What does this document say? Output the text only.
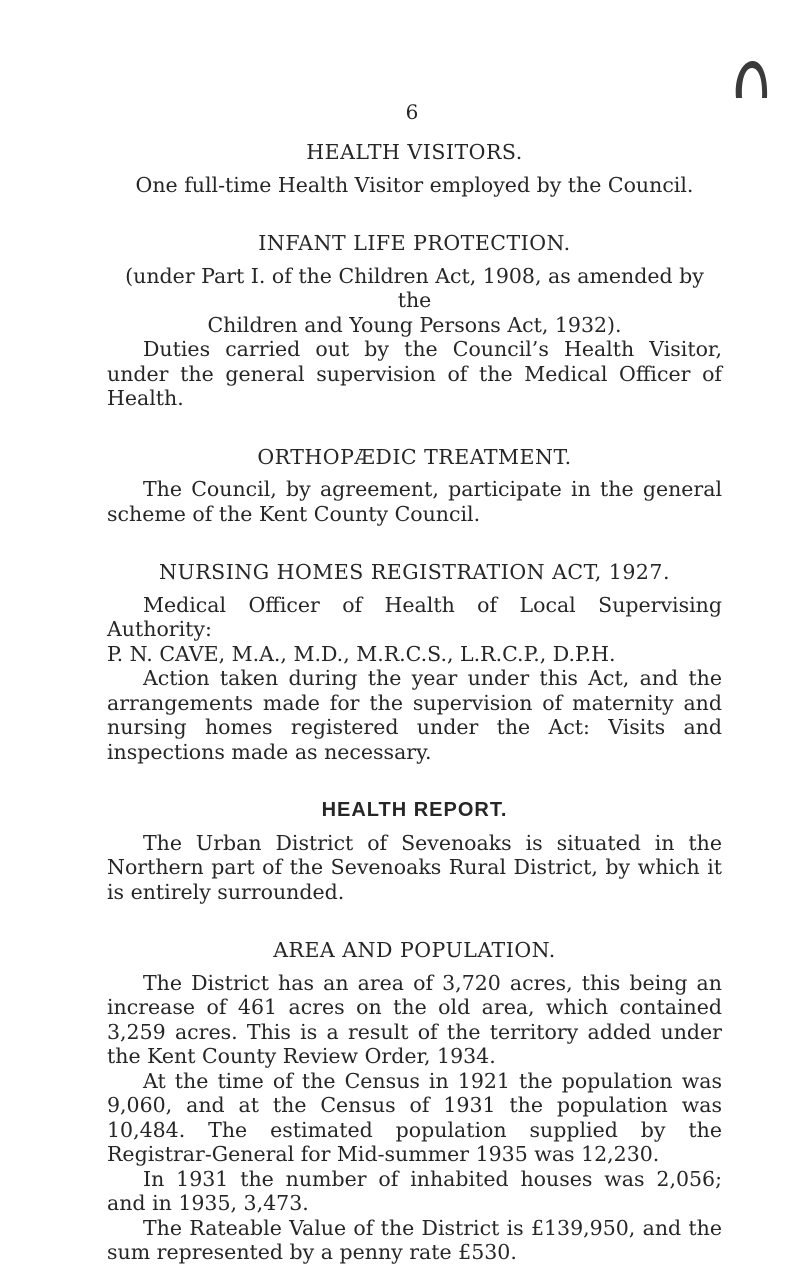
6

HEALTH VISITORS.

One full-time Health Visitor employed by the Council.

INFANT LIFE PROTECTION.

(under Part I. of the Children Act, 1908, as amended by the
Children and Young Persons Act, 1932).

Duties carried out by the Council’s Health Visitor, under the general supervision of the Medical Officer of Health.

ORTHOPÆDIC TREATMENT.

The Council, by agreement, participate in the general scheme of the Kent County Council.

NURSING HOMES REGISTRATION ACT, 1927.

Medical Officer of Health of Local Supervising Authority:

P. N. CAVE, M.A., M.D., M.R.C.S., L.R.C.P., D.P.H.

Action taken during the year under this Act, and the arrangements made for the supervision of maternity and nursing homes registered under the Act: Visits and inspections made as necessary.

HEALTH REPORT.

The Urban District of Sevenoaks is situated in the Northern part of the Sevenoaks Rural District, by which it is entirely surrounded.

AREA AND POPULATION.

The District has an area of 3,720 acres, this being an increase of 461 acres on the old area, which contained 3,259 acres. This is a result of the territory added under the Kent County Review Order, 1934.

At the time of the Census in 1921 the population was 9,060, and at the Census of 1931 the population was 10,484. The estimated population supplied by the Registrar-General for Mid-summer 1935 was 12,230.

In 1931 the number of inhabited houses was 2,056; and in 1935, 3,473.

The Rateable Value of the District is £139,950, and the sum represented by a penny rate £530.
